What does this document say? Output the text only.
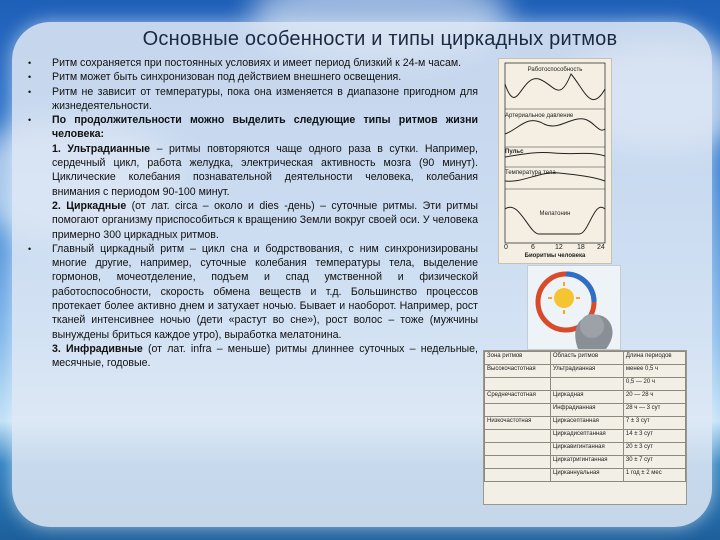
Основные особенности и типы циркадных ритмов
• Ритм сохраняется при постоянных условиях и имеет период близкий к 24-м часам.
• Ритм может быть синхронизован под действием внешнего освещения.
• Ритм не зависит от температуры, пока она изменяется в диапазоне пригодном для жизнедеятельности.
• По продолжительности можно выделить следующие типы ритмов жизни человека:
1. Ультрадианные – ритмы повторяются чаще одного раза в сутки. Например, сердечный цикл, работа желудка, электрическая активность мозга (90 минут). Циклические колебания познавательной деятельности человека, колебания внимания с периодом 90-100 минут.
2. Циркадные (от лат. circa – около и dies -день) – суточные ритмы. Эти ритмы помогают организму приспособиться к вращению Земли вокруг своей оси. У человека примерно 300 циркадных ритмов.
• Главный циркадный ритм – цикл сна и бодрствования, с ним синхронизированы многие другие, например, суточные колебания температуры тела, выделение гормонов, мочеотделение, подъем и спад умственной и физической работоспособности, скорость обмена веществ и т.д. Большинство процессов протекает более активно днем и затухает ночью. Бывает и наоборот. Например, рост тканей интенсивнее ночью (дети «растут во сне»), рост волос – тоже (мужчины вынуждены бриться каждое утро), выработка мелатонина.
3. Инфрадивные (от лат. infra – меньше) ритмы длиннее суточных – недельные, месячные, годовые.
Работоспособность
Артериальное давление
Пульс
Температура тела
Мелатонин
0	6	12 18 24
Биоритмы человека
Зона ритмов	Область ритмов	Длина периодов
Высокочастотная	Ультрадианная	менее 0,5 ч
		0,5 — 20 ч
Среднечастотная	Циркадная	20 — 28 ч
	Инфрадианная	28 ч — 3 сут
Низкочастотная	Циркасептанная	7 ± 3 сут
	Циркадисептанная	14 ± 3 сут
	Циркавигинтанная	20 ± 3 сут
	Циркатригинтанная	30 ± 7 сут
	Цирканнуальная	1 год ± 2 мес
